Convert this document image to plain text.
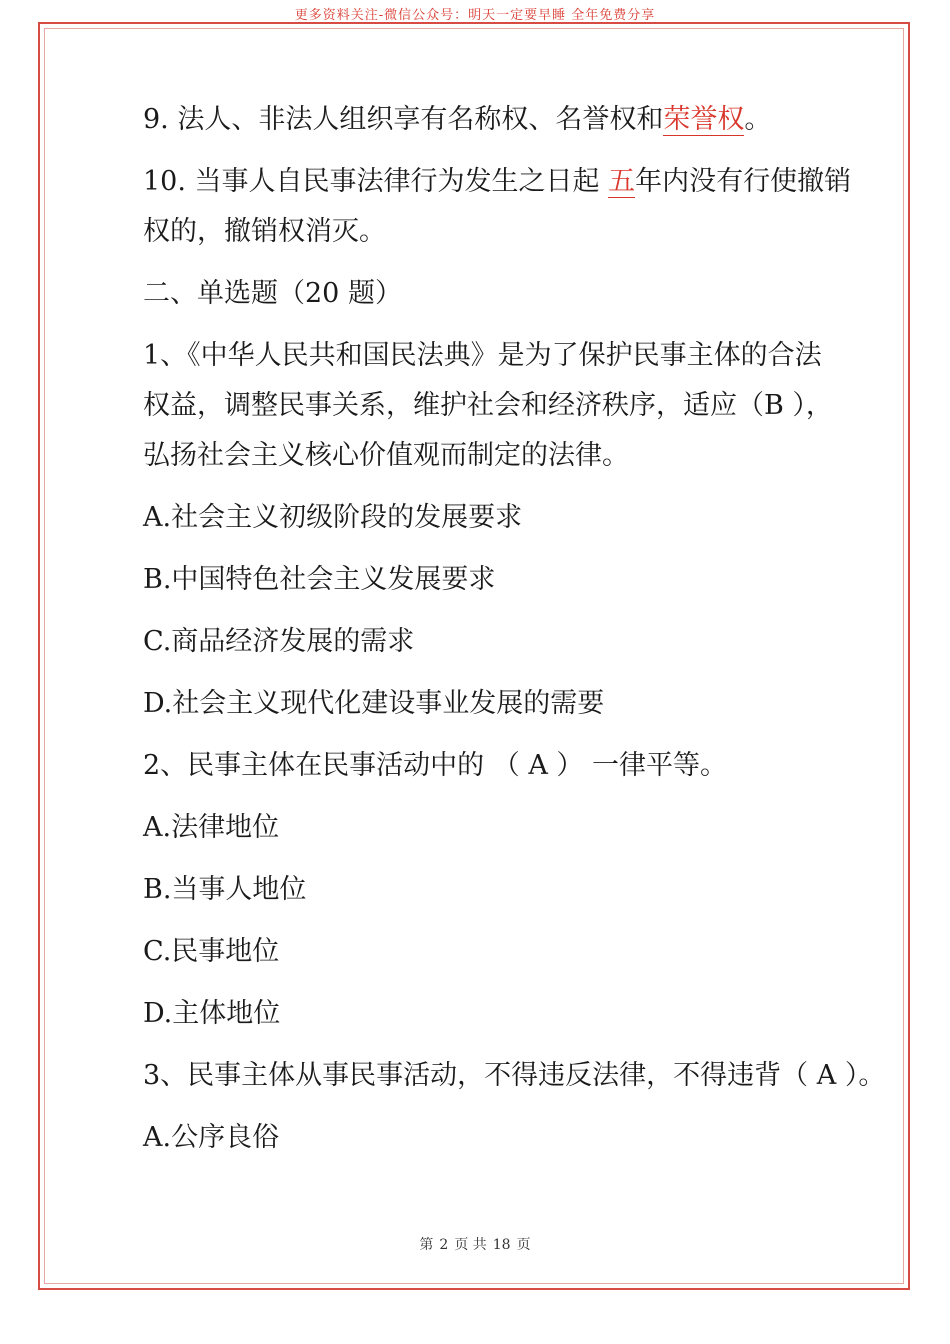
更多资料关注-微信公众号：明天一定要早睡 全年免费分享

9. 法人、非法人组织享有名称权、名誉权和荣誉权。

10. 当事人自民事法律行为发生之日起 五年内没有行使撤销

权的，撤销权消灭。

二、单选题（20 题）

1、《中华人民共和国民法典》是为了保护民事主体的合法

权益，调整民事关系，维护社会和经济秩序，适应（B ），

弘扬社会主义核心价值观而制定的法律。

A.社会主义初级阶段的发展要求

B.中国特色社会主义发展要求

C.商品经济发展的需求

D.社会主义现代化建设事业发展的需要

2、民事主体在民事活动中的 （ A ） 一律平等。

A.法律地位

B.当事人地位

C.民事地位

D.主体地位

3、民事主体从事民事活动，不得违反法律，不得违背（ A ）。

A.公序良俗

第 2 页 共 18 页
